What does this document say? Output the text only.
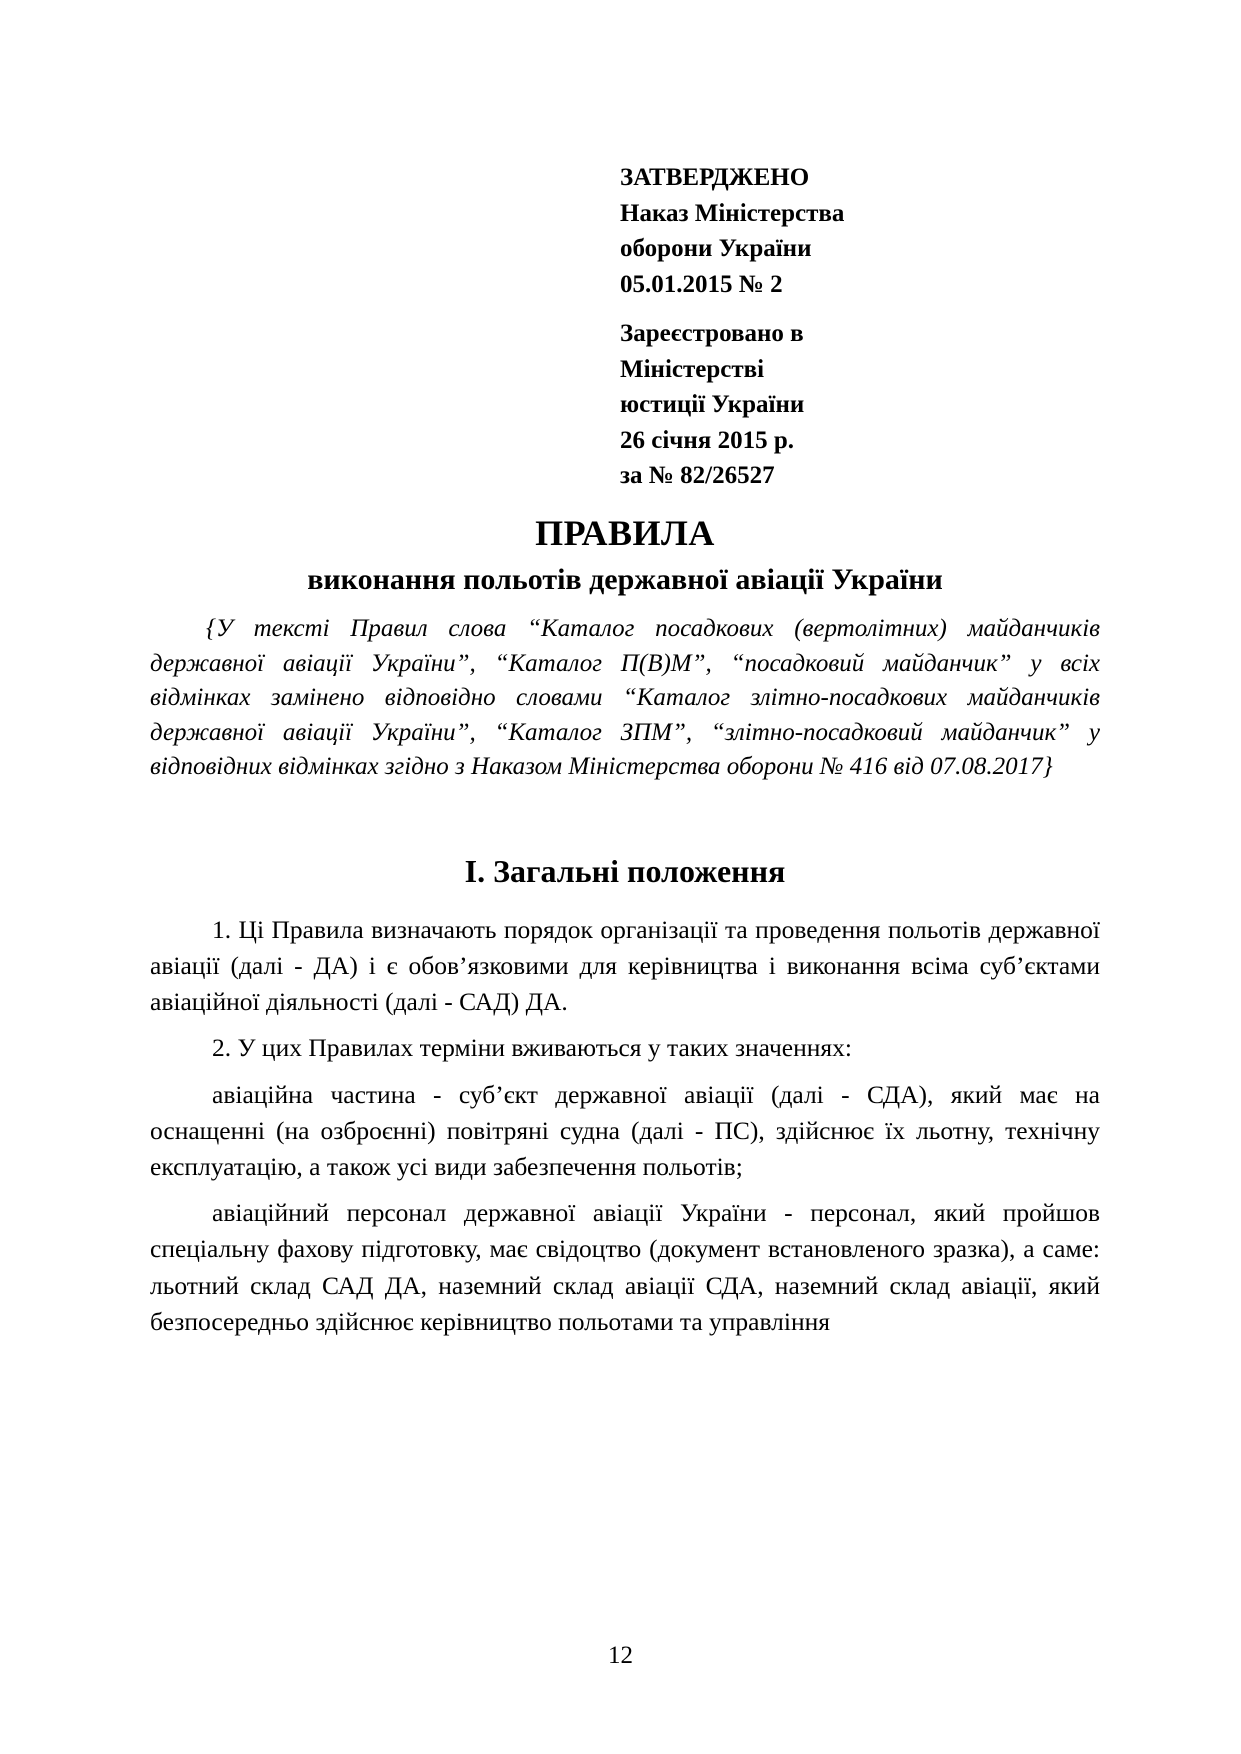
ЗАТВЕРДЖЕНО
Наказ Міністерства
оборони України
05.01.2015 № 2
Зареєстровано в
Міністерстві
юстиції України
26 січня 2015 р.
за № 82/26527
ПРАВИЛА
виконання польотів державної авіації України
{У тексті Правил слова “Каталог посадкових (вертолітних) майданчиків державної авіації України”, “Каталог П(В)М”, “посадковий майданчик” у всіх відмінках замінено відповідно словами “Каталог злітно-посадкових майданчиків державної авіації України”, “Каталог ЗПМ”, “злітно-посадковий майданчик” у відповідних відмінках згідно з Наказом Міністерства оборони № 416 від 07.08.2017}
I. Загальні положення

1. Ці Правила визначають порядок організації та проведення польотів державної авіації (далі - ДА) і є обов’язковими для керівництва і виконання всіма суб’єктами авіаційної діяльності (далі - САД) ДА.

2. У цих Правилах терміни вживаються у таких значеннях:

авіаційна частина - суб’єкт державної авіації (далі - СДА), який має на оснащенні (на озброєнні) повітряні судна (далі - ПС), здійснює їх льотну, технічну експлуатацію, а також усі види забезпечення польотів;

авіаційний персонал державної авіації України - персонал, який пройшов спеціальну фахову підготовку, має свідоцтво (документ встановленого зразка), а саме: льотний склад САД ДА, наземний склад авіації СДА, наземний склад авіації, який безпосередньо здійснює керівництво польотами та управління

12
